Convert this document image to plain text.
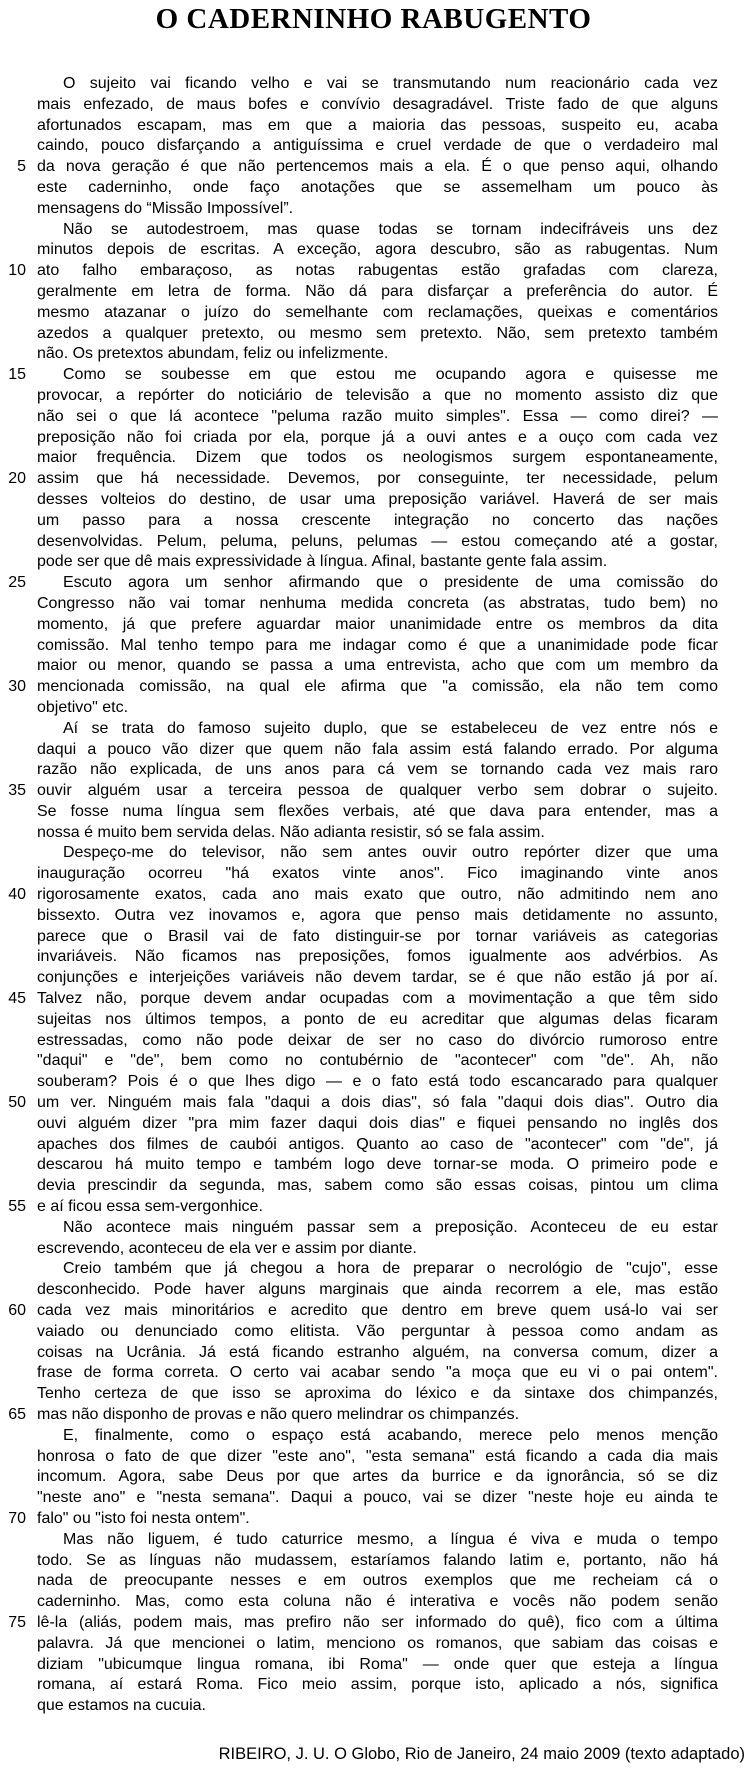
O CADERNINHO RABUGENTO
O sujeito vai ficando velho e vai se transmutando num reacionário cada vez
mais enfezado, de maus bofes e convívio desagradável. Triste fado de que alguns
afortunados escapam, mas em que a maioria das pessoas, suspeito eu, acaba
caindo, pouco disfarçando a antiguíssima e cruel verdade de que o verdadeiro mal
5 da nova geração é que não pertencemos mais a ela. É o que penso aqui, olhando
este caderninho, onde faço anotações que se assemelham um pouco às
mensagens do “Missão Impossível”.
Não se autodestroem, mas quase todas se tornam indecifráveis uns dez
minutos depois de escritas. A exceção, agora descubro, são as rabugentas. Num
10 ato falho embaraçoso, as notas rabugentas estão grafadas com clareza,
geralmente em letra de forma. Não dá para disfarçar a preferência do autor. É
mesmo atazanar o juízo do semelhante com reclamações, queixas e comentários
azedos a qualquer pretexto, ou mesmo sem pretexto. Não, sem pretexto também
não. Os pretextos abundam, feliz ou infelizmente.
15	Como se soubesse em que estou me ocupando agora e quisesse me
provocar, a repórter do noticiário de televisão a que no momento assisto diz que
não sei o que lá acontece "peluma razão muito simples". Essa — como direi? —
preposição não foi criada por ela, porque já a ouvi antes e a ouço com cada vez
maior frequência. Dizem que todos os neologismos surgem espontaneamente,
20 assim que há necessidade. Devemos, por conseguinte, ter necessidade, pelum
desses volteios do destino, de usar uma preposição variável. Haverá de ser mais
um passo para a nossa crescente integração no concerto das nações
desenvolvidas. Pelum, peluma, peluns, pelumas — estou começando até a gostar,
pode ser que dê mais expressividade à língua. Afinal, bastante gente fala assim.
25	Escuto agora um senhor afirmando que o presidente de uma comissão do
Congresso não vai tomar nenhuma medida concreta (as abstratas, tudo bem) no
momento, já que prefere aguardar maior unanimidade entre os membros da dita
comissão. Mal tenho tempo para me indagar como é que a unanimidade pode ficar
maior ou menor, quando se passa a uma entrevista, acho que com um membro da
30 mencionada comissão, na qual ele afirma que "a comissão, ela não tem como
objetivo" etc.
Aí se trata do famoso sujeito duplo, que se estabeleceu de vez entre nós e
daqui a pouco vão dizer que quem não fala assim está falando errado. Por alguma
razão não explicada, de uns anos para cá vem se tornando cada vez mais raro
35 ouvir alguém usar a terceira pessoa de qualquer verbo sem dobrar o sujeito.
Se fosse numa língua sem flexões verbais, até que dava para entender, mas a
nossa é muito bem servida delas. Não adianta resistir, só se fala assim.
Despeço-me do televisor, não sem antes ouvir outro repórter dizer que uma
inauguração ocorreu "há exatos vinte anos". Fico imaginando vinte anos
40 rigorosamente exatos, cada ano mais exato que outro, não admitindo nem ano
bissexto. Outra vez inovamos e, agora que penso mais detidamente no assunto,
parece que o Brasil vai de fato distinguir-se por tornar variáveis as categorias
invariáveis. Não ficamos nas preposições, fomos igualmente aos advérbios. As
conjunções e interjeições variáveis não devem tardar, se é que não estão já por aí.
45 Talvez não, porque devem andar ocupadas com a movimentação a que têm sido
sujeitas nos últimos tempos, a ponto de eu acreditar que algumas delas ficaram
estressadas, como não pode deixar de ser no caso do divórcio rumoroso entre
"daqui" e "de", bem como no contubérnio de "acontecer" com "de". Ah, não
souberam? Pois é o que lhes digo — e o fato está todo escancarado para qualquer
50 um ver. Ninguém mais fala "daqui a dois dias", só fala "daqui dois dias". Outro dia
ouvi alguém dizer "pra mim fazer daqui dois dias" e fiquei pensando no inglês dos
apaches dos filmes de caubói antigos. Quanto ao caso de "acontecer" com "de", já
descarou há muito tempo e também logo deve tornar-se moda. O primeiro pode e
devia prescindir da segunda, mas, sabem como são essas coisas, pintou um clima
55 e aí ficou essa sem-vergonhice.
Não acontece mais ninguém passar sem a preposição. Aconteceu de eu estar
escrevendo, aconteceu de ela ver e assim por diante.
Creio também que já chegou a hora de preparar o necrológio de "cujo", esse
desconhecido. Pode haver alguns marginais que ainda recorrem a ele, mas estão
60 cada vez mais minoritários e acredito que dentro em breve quem usá-lo vai ser
vaiado ou denunciado como elitista. Vão perguntar à pessoa como andam as
coisas na Ucrânia. Já está ficando estranho alguém, na conversa comum, dizer a
frase de forma correta. O certo vai acabar sendo "a moça que eu vi o pai ontem".
Tenho certeza de que isso se aproxima do léxico e da sintaxe dos chimpanzés,
65 mas não disponho de provas e não quero melindrar os chimpanzés.
E, finalmente, como o espaço está acabando, merece pelo menos menção
honrosa o fato de que dizer "este ano", "esta semana" está ficando a cada dia mais
incomum. Agora, sabe Deus por que artes da burrice e da ignorância, só se diz
"neste ano" e "nesta semana". Daqui a pouco, vai se dizer "neste hoje eu ainda te
70 falo" ou "isto foi nesta ontem".
Mas não liguem, é tudo caturrice mesmo, a língua é viva e muda o tempo
todo. Se as línguas não mudassem, estaríamos falando latim e, portanto, não há
nada de preocupante nesses e em outros exemplos que me recheiam cá o
caderninho. Mas, como esta coluna não é interativa e vocês não podem senão
75 lê-la (aliás, podem mais, mas prefiro não ser informado do quê), fico com a última
palavra. Já que mencionei o latim, menciono os romanos, que sabiam das coisas e
diziam "ubicumque lingua romana, ibi Roma" — onde quer que esteja a língua
romana, aí estará Roma. Fico meio assim, porque isto, aplicado a nós, significa
que estamos na cucuia.
RIBEIRO, J. U. O Globo, Rio de Janeiro, 24 maio 2009 (texto adaptado)
